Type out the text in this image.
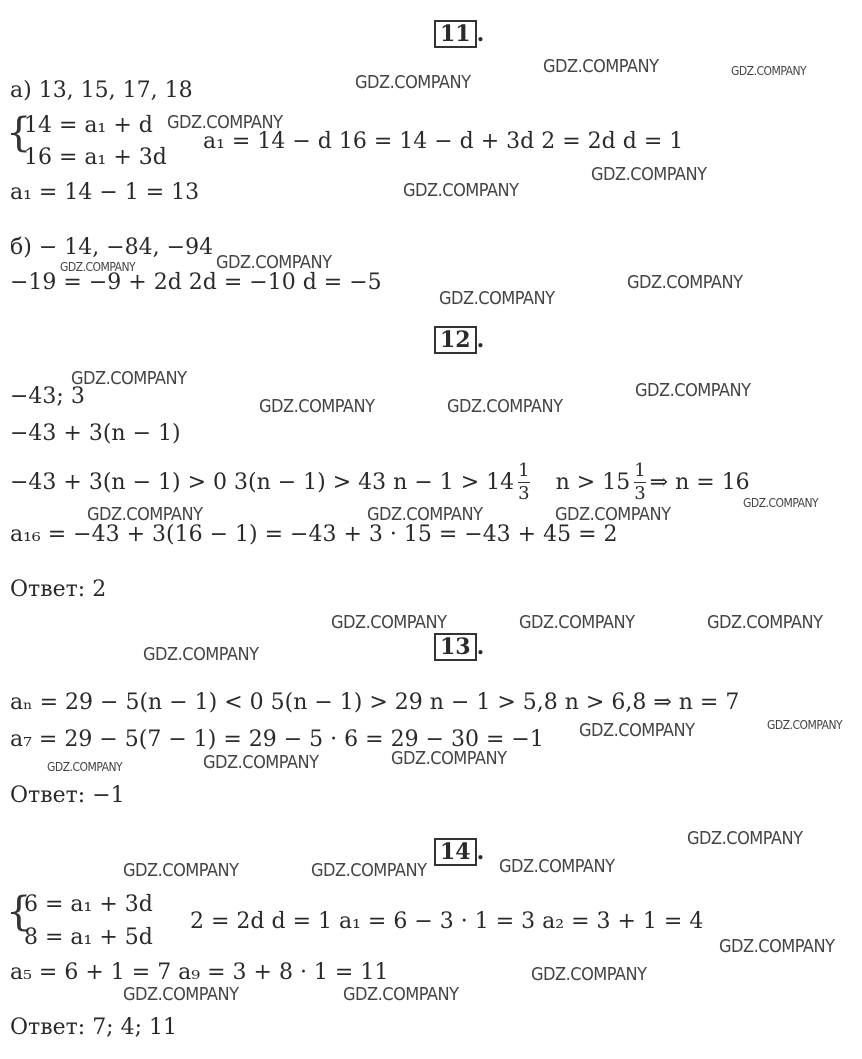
11 .
а) 13, 15, 17, 18
{
14 = a₁ + d
16 = a₁ + 3d
a₁ = 14 − d 16 = 14 − d + 3d 2 = 2d d = 1
a₁ = 14 − 1 = 13
б) − 14, −84, −94
−19 = −9 + 2d 2d = −10 d = −5
12 .
−43; 3
−43 + 3(n − 1)
−43 + 3(n − 1) > 0 3(n − 1) > 43 $n - 1 > 14 \frac{1}{3}$ $n > 15 \frac{1}{3}$ ⇒ n = 16
a₁₆ = −43 + 3(16 − 1) = −43 + 3 · 15 = −43 + 45 = 2
Ответ: 2
13 .
aₙ = 29 − 5(n − 1) < 0 5(n − 1) > 29 n − 1 > 5,8 n > 6,8 ⇒ n = 7
a₇ = 29 − 5(7 − 1) = 29 − 5 · 6 = 29 − 30 = −1
Ответ: −1
14 .
{
6 = a₁ + 3d
8 = a₁ + 5d
2 = 2d d = 1 a₁ = 6 − 3 · 1 = 3 a₂ = 3 + 1 = 4
a₅ = 6 + 1 = 7 a₉ = 3 + 8 · 1 = 11
Ответ: 7; 4; 11
GDZ.COMPANY
GDZ.COMPANY	GDZ.COMPANY
GDZ.COMPANY
GDZ.COMPANY
GDZ.COMPANY
GDZ.COMPANY	GDZ.COMPANY
GDZ.COMPANY
GDZ.COMPANY
GDZ.COMPANY
GDZ.COMPANY
GDZ.COMPANY	GDZ.COMPANY
GDZ.COMPANY	GDZ.COMPANY	GDZ.COMPANY
GDZ.COMPANY
GDZ.COMPANY	GDZ.COMPANY	GDZ.COMPANY
GDZ.COMPANY
GDZ.COMPANY	GDZ.COMPANY
GDZ.COMPANY
GDZ.COMPANY
GDZ.COMPANY
GDZ.COMPANY
GDZ.COMPANY
GDZ.COMPANY	GDZ.COMPANY
GDZ.COMPANY
GDZ.COMPANY
GDZ.COMPANY	GDZ.COMPANY
